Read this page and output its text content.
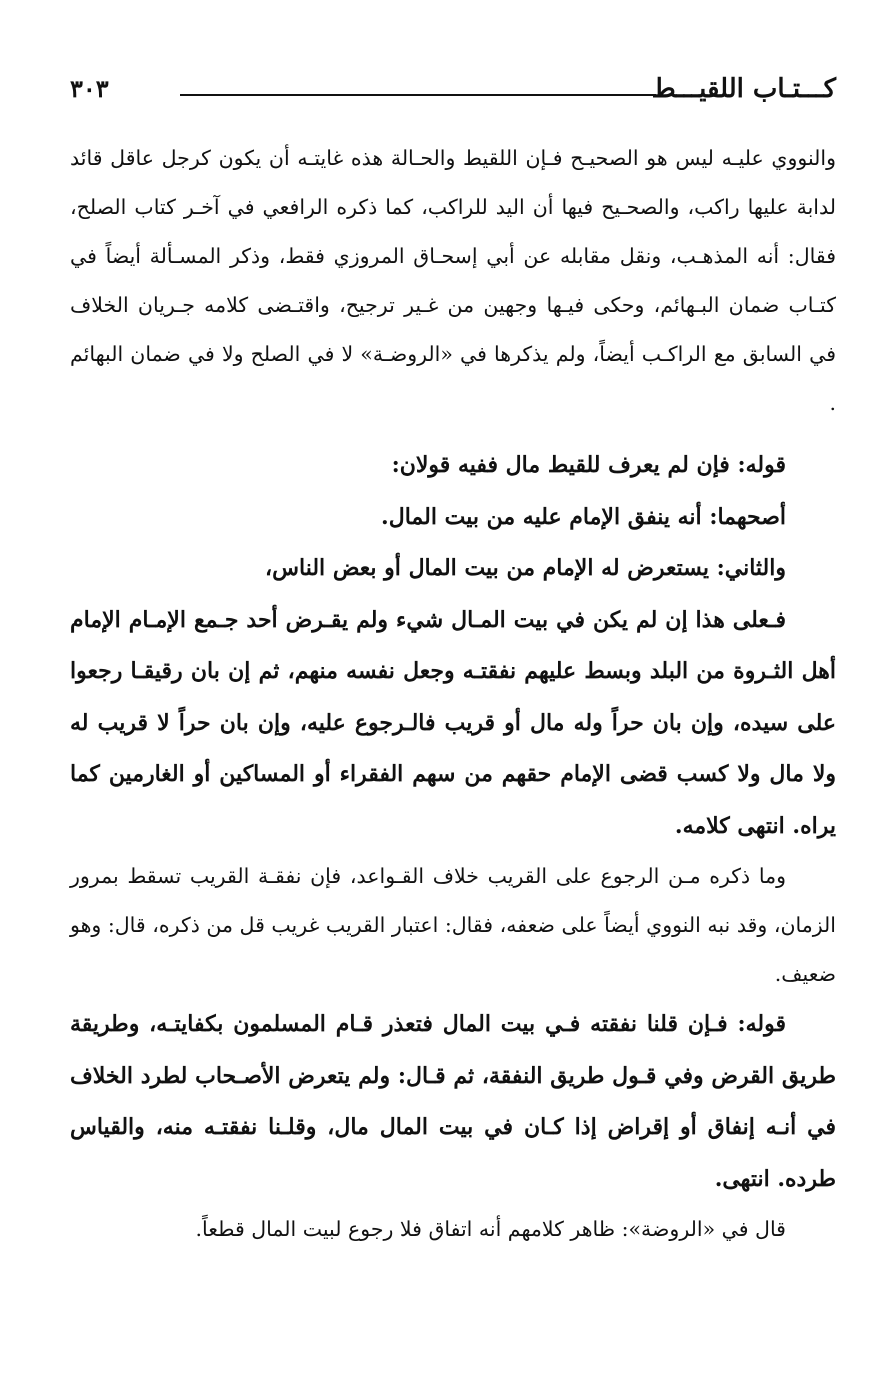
كـــتـاب اللقيـــط
٣٠٣

والنووي عليـه ليس هو الصحيـح فـإن اللقيط والحـالة هذه غايتـه أن يكون كرجل عاقل قائد لدابة عليها راكب، والصحـيح فيها أن اليد للراكب، كما ذكره الرافعي في آخـر كتاب الصلح، فقال: أنه المذهـب، ونقل مقابله عن أبي إسحـاق المروزي فقط، وذكر المسـألة أيضاً في كتـاب ضمان البـهائم، وحكى فيـها وجهين من غـير ترجيح، واقتـضى كلامه جـريان الخلاف في السابق مع الراكـب أيضاً، ولم يذكرها في «الروضـة» لا في الصلح ولا في ضمان البهائم .

قوله: فإن لم يعرف للقيط مال ففيه قولان:

أصحهما: أنه ينفق الإمام عليه من بيت المال.

والثاني: يستعرض له الإمام من بيت المال أو بعض الناس،

فـعلى هذا إن لم يكن في بيت المـال شيء ولم يقـرض أحد جـمع الإمـام الإمام أهل الثـروة من البلد وبسط عليهم نفقتـه وجعل نفسه منهم، ثم إن بان رقيقـا رجعوا على سيده، وإن بان حراً وله مال أو قريب فالـرجوع عليه، وإن بان حراً لا قريب له ولا مال ولا كسب قضى الإمام حقهم من سهم الفقراء أو المساكين أو الغارمين كما يراه. انتهى كلامه.

وما ذكره مـن الرجوع على القريب خلاف القـواعد، فإن نفقـة القريب تسقط بمرور الزمان، وقد نبه النووي أيضاً على ضعفه، فقال: اعتبار القريب غريب قل من ذكره، قال: وهو ضعيف.

قوله: فـإن قلنا نفقته فـي بيت المال فتعذر قـام المسلمون بكفايتـه، وطريقة طريق القرض وفي قـول طريق النفقة، ثم قـال: ولم يتعرض الأصـحاب لطرد الخلاف في أنـه إنفاق أو إقراض إذا كـان في بيت المال مال، وقلـنا نفقتـه منه، والقياس طرده. انتهى.

قال في «الروضة»: ظاهر كلامهم أنه اتفاق فلا رجوع لبيت المال قطعاً.
